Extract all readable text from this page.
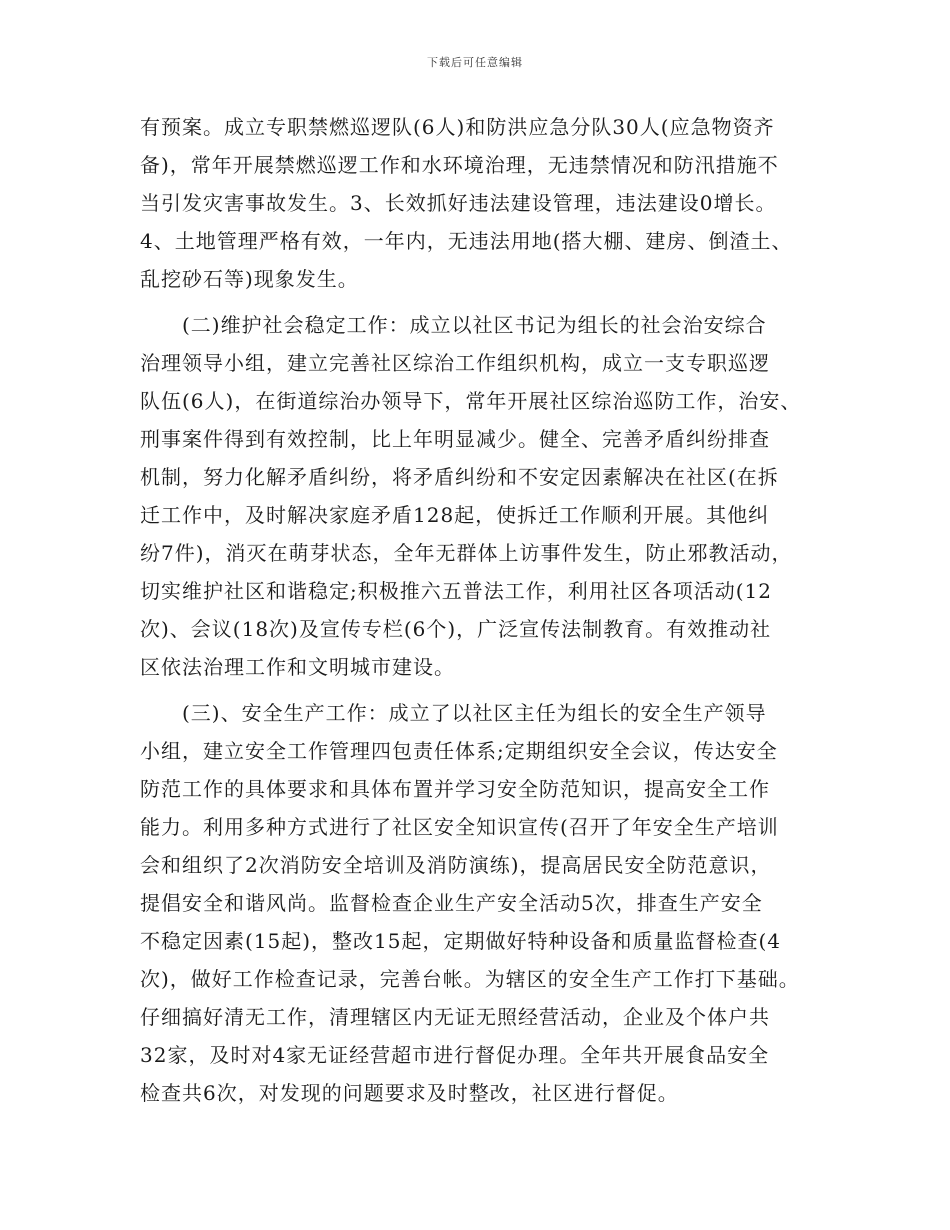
下载后可任意编辑
有预案。成立专职禁燃巡逻队(6人)和防洪应急分队30人(应急物资齐
备)，常年开展禁燃巡逻工作和水环境治理，无违禁情况和防汛措施不
当引发灾害事故发生。3、长效抓好违法建设管理，违法建设0增长。
4、土地管理严格有效，一年内，无违法用地(搭大棚、建房、倒渣土、
乱挖砂石等)现象发生。
(二)维护社会稳定工作：成立以社区书记为组长的社会治安综合
治理领导小组，建立完善社区综治工作组织机构，成立一支专职巡逻
队伍(6人)，在街道综治办领导下，常年开展社区综治巡防工作，治安、
刑事案件得到有效控制，比上年明显减少。健全、完善矛盾纠纷排查
机制，努力化解矛盾纠纷，将矛盾纠纷和不安定因素解决在社区(在拆
迁工作中，及时解决家庭矛盾128起，使拆迁工作顺利开展。其他纠
纷7件)，消灭在萌芽状态，全年无群体上访事件发生，防止邪教活动，
切实维护社区和谐稳定;积极推六五普法工作，利用社区各项活动(12
次)、会议(18次)及宣传专栏(6个)，广泛宣传法制教育。有效推动社
区依法治理工作和文明城市建设。
(三)、安全生产工作：成立了以社区主任为组长的安全生产领导
小组，建立安全工作管理四包责任体系;定期组织安全会议，传达安全
防范工作的具体要求和具体布置并学习安全防范知识，提高安全工作
能力。利用多种方式进行了社区安全知识宣传(召开了年安全生产培训
会和组织了2次消防安全培训及消防演练)，提高居民安全防范意识，
提倡安全和谐风尚。监督检查企业生产安全活动5次，排查生产安全
不稳定因素(15起)，整改15起，定期做好特种设备和质量监督检查(4
次)，做好工作检查记录，完善台帐。为辖区的安全生产工作打下基础。
仔细搞好清无工作，清理辖区内无证无照经营活动，企业及个体户共
32家，及时对4家无证经营超市进行督促办理。全年共开展食品安全
检查共6次，对发现的问题要求及时整改，社区进行督促。
